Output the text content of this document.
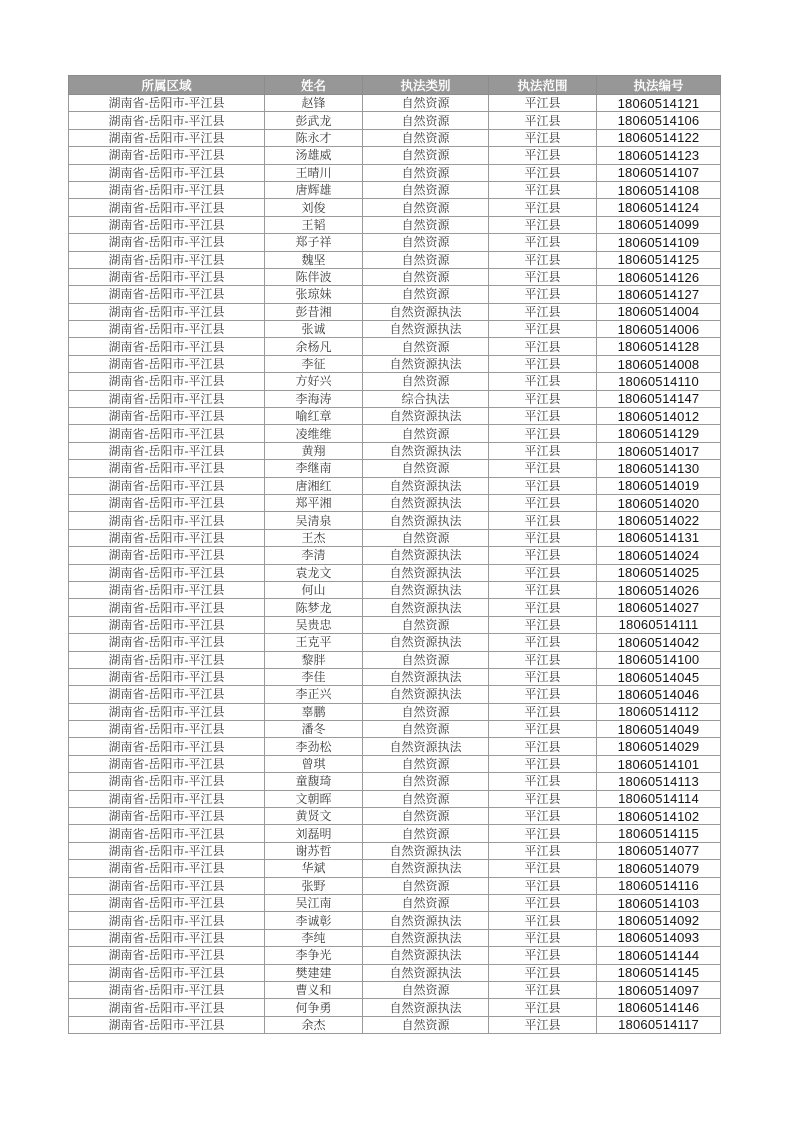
所属区域	姓名	执法类别	执法范围	执法编号
湖南省-岳阳市-平江县	赵锋	自然资源	平江县	18060514121
湖南省-岳阳市-平江县	彭武龙	自然资源	平江县	18060514106
湖南省-岳阳市-平江县	陈永才	自然资源	平江县	18060514122
湖南省-岳阳市-平江县	汤雄威	自然资源	平江县	18060514123
湖南省-岳阳市-平江县	王晴川	自然资源	平江县	18060514107
湖南省-岳阳市-平江县	唐辉雄	自然资源	平江县	18060514108
湖南省-岳阳市-平江县	刘俊	自然资源	平江县	18060514124
湖南省-岳阳市-平江县	王韬	自然资源	平江县	18060514099
湖南省-岳阳市-平江县	郑子祥	自然资源	平江县	18060514109
湖南省-岳阳市-平江县	魏坚	自然资源	平江县	18060514125
湖南省-岳阳市-平江县	陈伴波	自然资源	平江县	18060514126
湖南省-岳阳市-平江县	张琼妹	自然资源	平江县	18060514127
湖南省-岳阳市-平江县	彭昔湘	自然资源执法	平江县	18060514004
湖南省-岳阳市-平江县	张诚	自然资源执法	平江县	18060514006
湖南省-岳阳市-平江县	余杨凡	自然资源	平江县	18060514128
湖南省-岳阳市-平江县	李征	自然资源执法	平江县	18060514008
湖南省-岳阳市-平江县	方好兴	自然资源	平江县	18060514110
湖南省-岳阳市-平江县	李海涛	综合执法	平江县	18060514147
湖南省-岳阳市-平江县	喻红章	自然资源执法	平江县	18060514012
湖南省-岳阳市-平江县	凌维维	自然资源	平江县	18060514129
湖南省-岳阳市-平江县	黄翔	自然资源执法	平江县	18060514017
湖南省-岳阳市-平江县	李继南	自然资源	平江县	18060514130
湖南省-岳阳市-平江县	唐湘红	自然资源执法	平江县	18060514019
湖南省-岳阳市-平江县	郑平湘	自然资源执法	平江县	18060514020
湖南省-岳阳市-平江县	吴清泉	自然资源执法	平江县	18060514022
湖南省-岳阳市-平江县	王杰	自然资源	平江县	18060514131
湖南省-岳阳市-平江县	李清	自然资源执法	平江县	18060514024
湖南省-岳阳市-平江县	袁龙文	自然资源执法	平江县	18060514025
湖南省-岳阳市-平江县	何山	自然资源执法	平江县	18060514026
湖南省-岳阳市-平江县	陈梦龙	自然资源执法	平江县	18060514027
湖南省-岳阳市-平江县	吴贵忠	自然资源	平江县	18060514111
湖南省-岳阳市-平江县	王克平	自然资源执法	平江县	18060514042
湖南省-岳阳市-平江县	黎胖	自然资源	平江县	18060514100
湖南省-岳阳市-平江县	李佳	自然资源执法	平江县	18060514045
湖南省-岳阳市-平江县	李正兴	自然资源执法	平江县	18060514046
湖南省-岳阳市-平江县	辜鹏	自然资源	平江县	18060514112
湖南省-岳阳市-平江县	潘冬	自然资源	平江县	18060514049
湖南省-岳阳市-平江县	李劲松	自然资源执法	平江县	18060514029
湖南省-岳阳市-平江县	曾琪	自然资源	平江县	18060514101
湖南省-岳阳市-平江县	童馥琦	自然资源	平江县	18060514113
湖南省-岳阳市-平江县	文朝晖	自然资源	平江县	18060514114
湖南省-岳阳市-平江县	黄贤文	自然资源	平江县	18060514102
湖南省-岳阳市-平江县	刘磊明	自然资源	平江县	18060514115
湖南省-岳阳市-平江县	谢苏哲	自然资源执法	平江县	18060514077
湖南省-岳阳市-平江县	华斌	自然资源执法	平江县	18060514079
湖南省-岳阳市-平江县	张野	自然资源	平江县	18060514116
湖南省-岳阳市-平江县	吴江南	自然资源	平江县	18060514103
湖南省-岳阳市-平江县	李诚彰	自然资源执法	平江县	18060514092
湖南省-岳阳市-平江县	李纯	自然资源执法	平江县	18060514093
湖南省-岳阳市-平江县	李争光	自然资源执法	平江县	18060514144
湖南省-岳阳市-平江县	樊建建	自然资源执法	平江县	18060514145
湖南省-岳阳市-平江县	曹义和	自然资源	平江县	18060514097
湖南省-岳阳市-平江县	何争勇	自然资源执法	平江县	18060514146
湖南省-岳阳市-平江县	余杰	自然资源	平江县	18060514117
